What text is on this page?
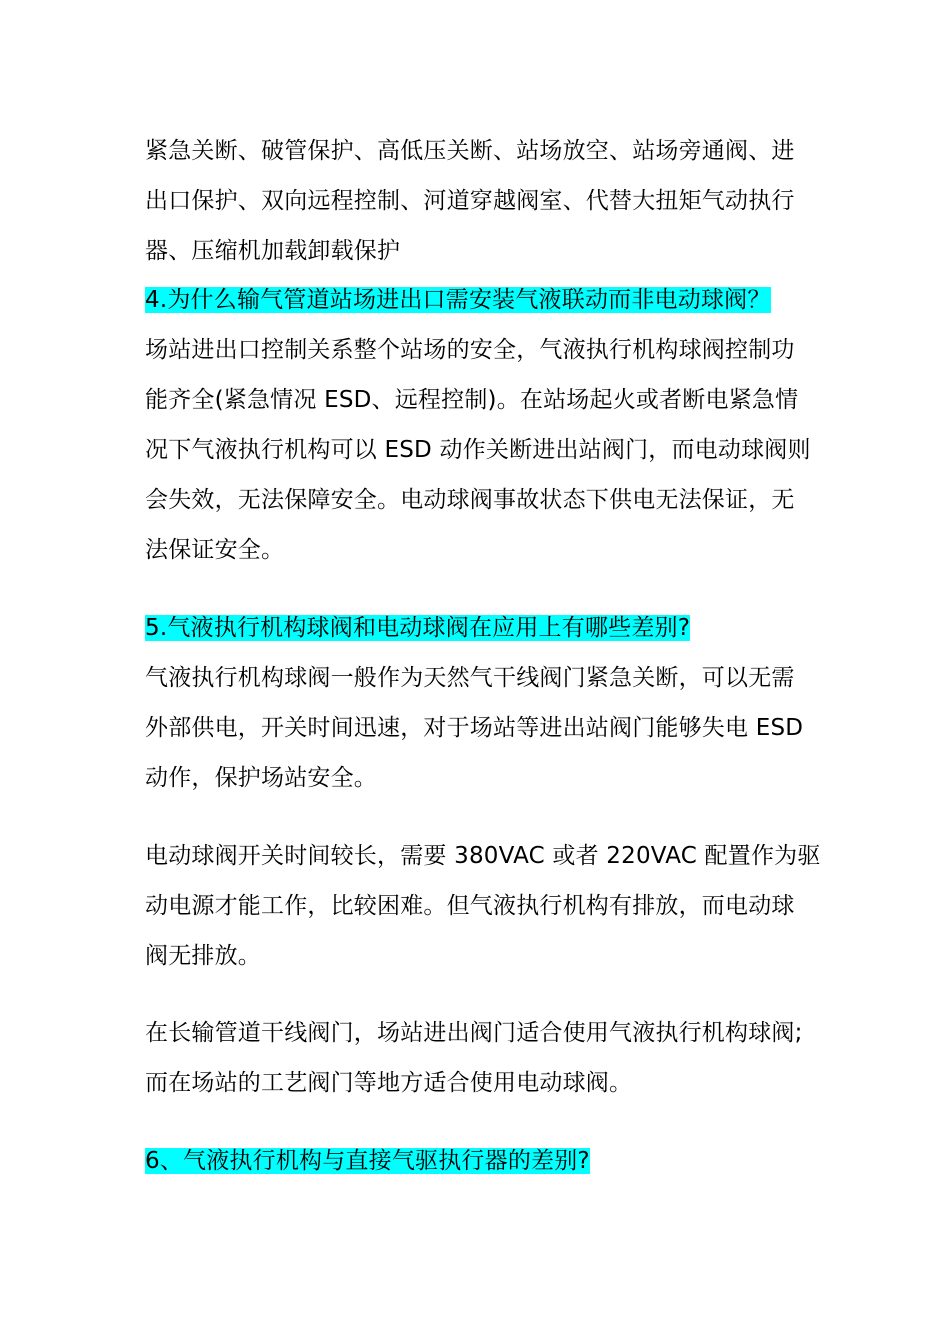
紧急关断、破管保护、高低压关断、站场放空、站场旁通阀、进
出口保护、双向远程控制、河道穿越阀室、代替大扭矩气动执行
器、压缩机加载卸载保护
4.为什么输气管道站场进出口需安装气液联动而非电动球阀？
场站进出口控制关系整个站场的安全，气液执行机构球阀控制功
能齐全(紧急情况 ESD、远程控制)。在站场起火或者断电紧急情
况下气液执行机构可以 ESD 动作关断进出站阀门，而电动球阀则
会失效，无法保障安全。电动球阀事故状态下供电无法保证，无
法保证安全。
5.气液执行机构球阀和电动球阀在应用上有哪些差别?
气液执行机构球阀一般作为天然气干线阀门紧急关断，可以无需
外部供电，开关时间迅速，对于场站等进出站阀门能够失电 ESD
动作，保护场站安全。
电动球阀开关时间较长，需要 380VAC 或者 220VAC 配置作为驱
动电源才能工作，比较困难。但气液执行机构有排放，而电动球
阀无排放。
在长输管道干线阀门，场站进出阀门适合使用气液执行机构球阀;
而在场站的工艺阀门等地方适合使用电动球阀。
6、气液执行机构与直接气驱执行器的差别?
